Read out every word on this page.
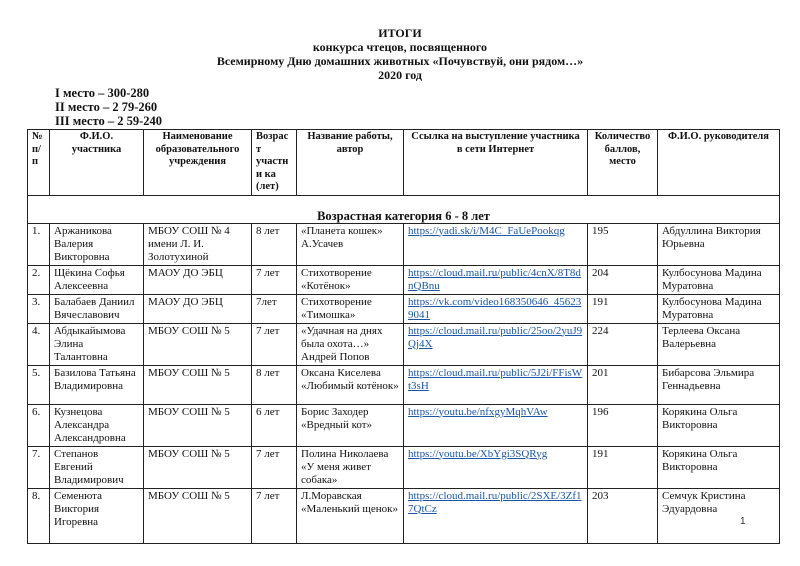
ИТОГИ
конкурса чтецов, посвященного
Всемирному Дню домашних животных «Почувствуй, они рядом…»
2020 год
I место – 300-280
II место – 2 79-260
III место – 2 59-240
№ п/ п	Ф.И.О. участника	Наименование образовательного учреждения	Возраст участни ка (лет)	Название работы, автор	Ссылка на выступление участника в сети Интернет	Количество баллов, место	Ф.И.О. руководителя
Возрастная категория 6 - 8 лет							
1.	Аржаникова Валерия Викторовна	МБОУ СОШ № 4 имени Л. И. Золотухиной	8 лет	«Планета кошек» А.Усачев	https://yadi.sk/i/M4C_FaUePookqg	195	Абдуллина Виктория Юрьевна
2.	Щёкина Софья Алексеевна	МАОУ ДО ЭБЦ	7 лет	Стихотворение «Котёнок»	https://cloud.mail.ru/public/4cnX/8T8dnQBnu	204	Кулбосунова Мадина Муратовна
3.	Балабаев Даниил Вячеславович	МАОУ ДО ЭБЦ	7лет	Стихотворение «Тимошка»	https://vk.com/video168350646_456239041	191	Кулбосунова Мадина Муратовна
4.	Абдыкайымова Элина Талантовна	МБОУ СОШ № 5	7 лет	«Удачная на днях была охота…» Андрей Попов	https://cloud.mail.ru/public/25oo/2yuJ9Qj4X	224	Терлеева Оксана Валерьевна
5.	Базилова Татьяна Владимировна	МБОУ СОШ № 5	8 лет	Оксана Киселева «Любимый котёнок»	https://cloud.mail.ru/public/5J2i/FFisWt3sH	201	Бибарсова Эльмира Геннадьевна
6.	Кузнецова Александра Александровна	МБОУ СОШ № 5	6 лет	Борис Заходер «Вредный кот»	https://youtu.be/nfxgyMqhVAw	196	Корякина Ольга Викторовна
7.	Степанов Евгений Владимирович	МБОУ СОШ № 5	7 лет	Полина Николаева «У меня живет собака»	https://youtu.be/XbYgi3SQRyg	191	Корякина Ольга Викторовна
8.	Семенюта Виктория Игоревна	МБОУ СОШ № 5	7 лет	Л.Моравская «Маленький щенок»	https://cloud.mail.ru/public/2SXE/3Zf17QtCz	203	Семчук Кристина Эдуардовна
1
